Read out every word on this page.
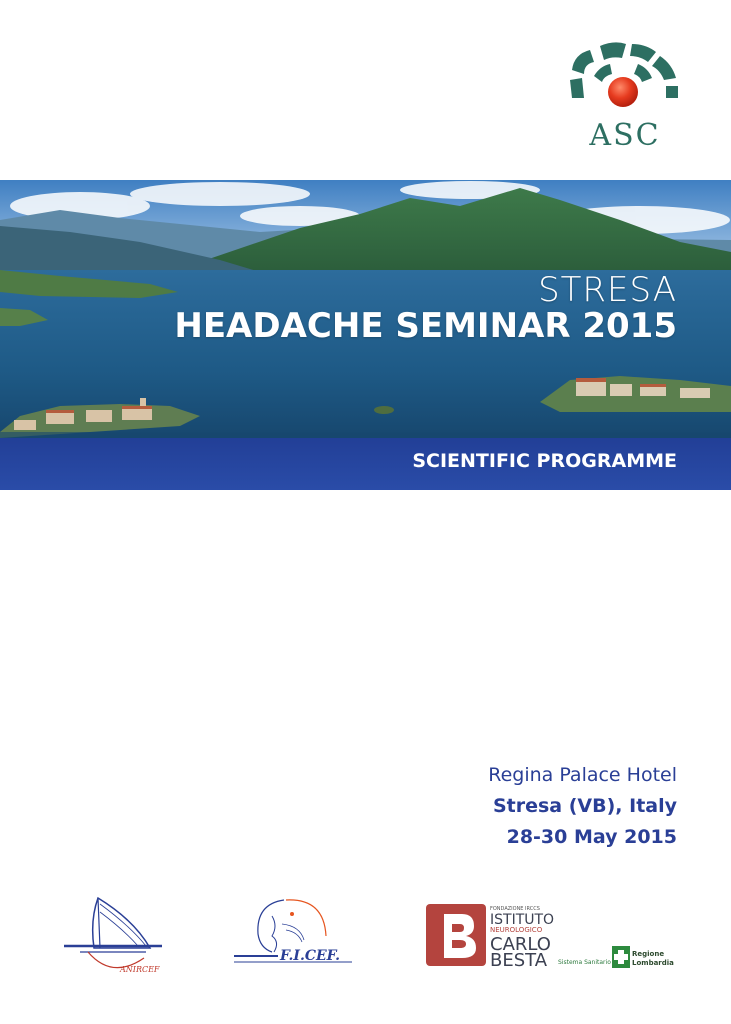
ASC
STRESA
HEADACHE SEMINAR 2015
SCIENTIFIC PROGRAMME
Regina Palace Hotel
Stresa (VB), Italy
28-30 May 2015
ANIRCEF
F.I.CEF.
FONDAZIONE IRCCS
ISTITUTO
NEUROLOGICO
CARLO
BESTA Sistema Sanitario
Regione
Lombardia
